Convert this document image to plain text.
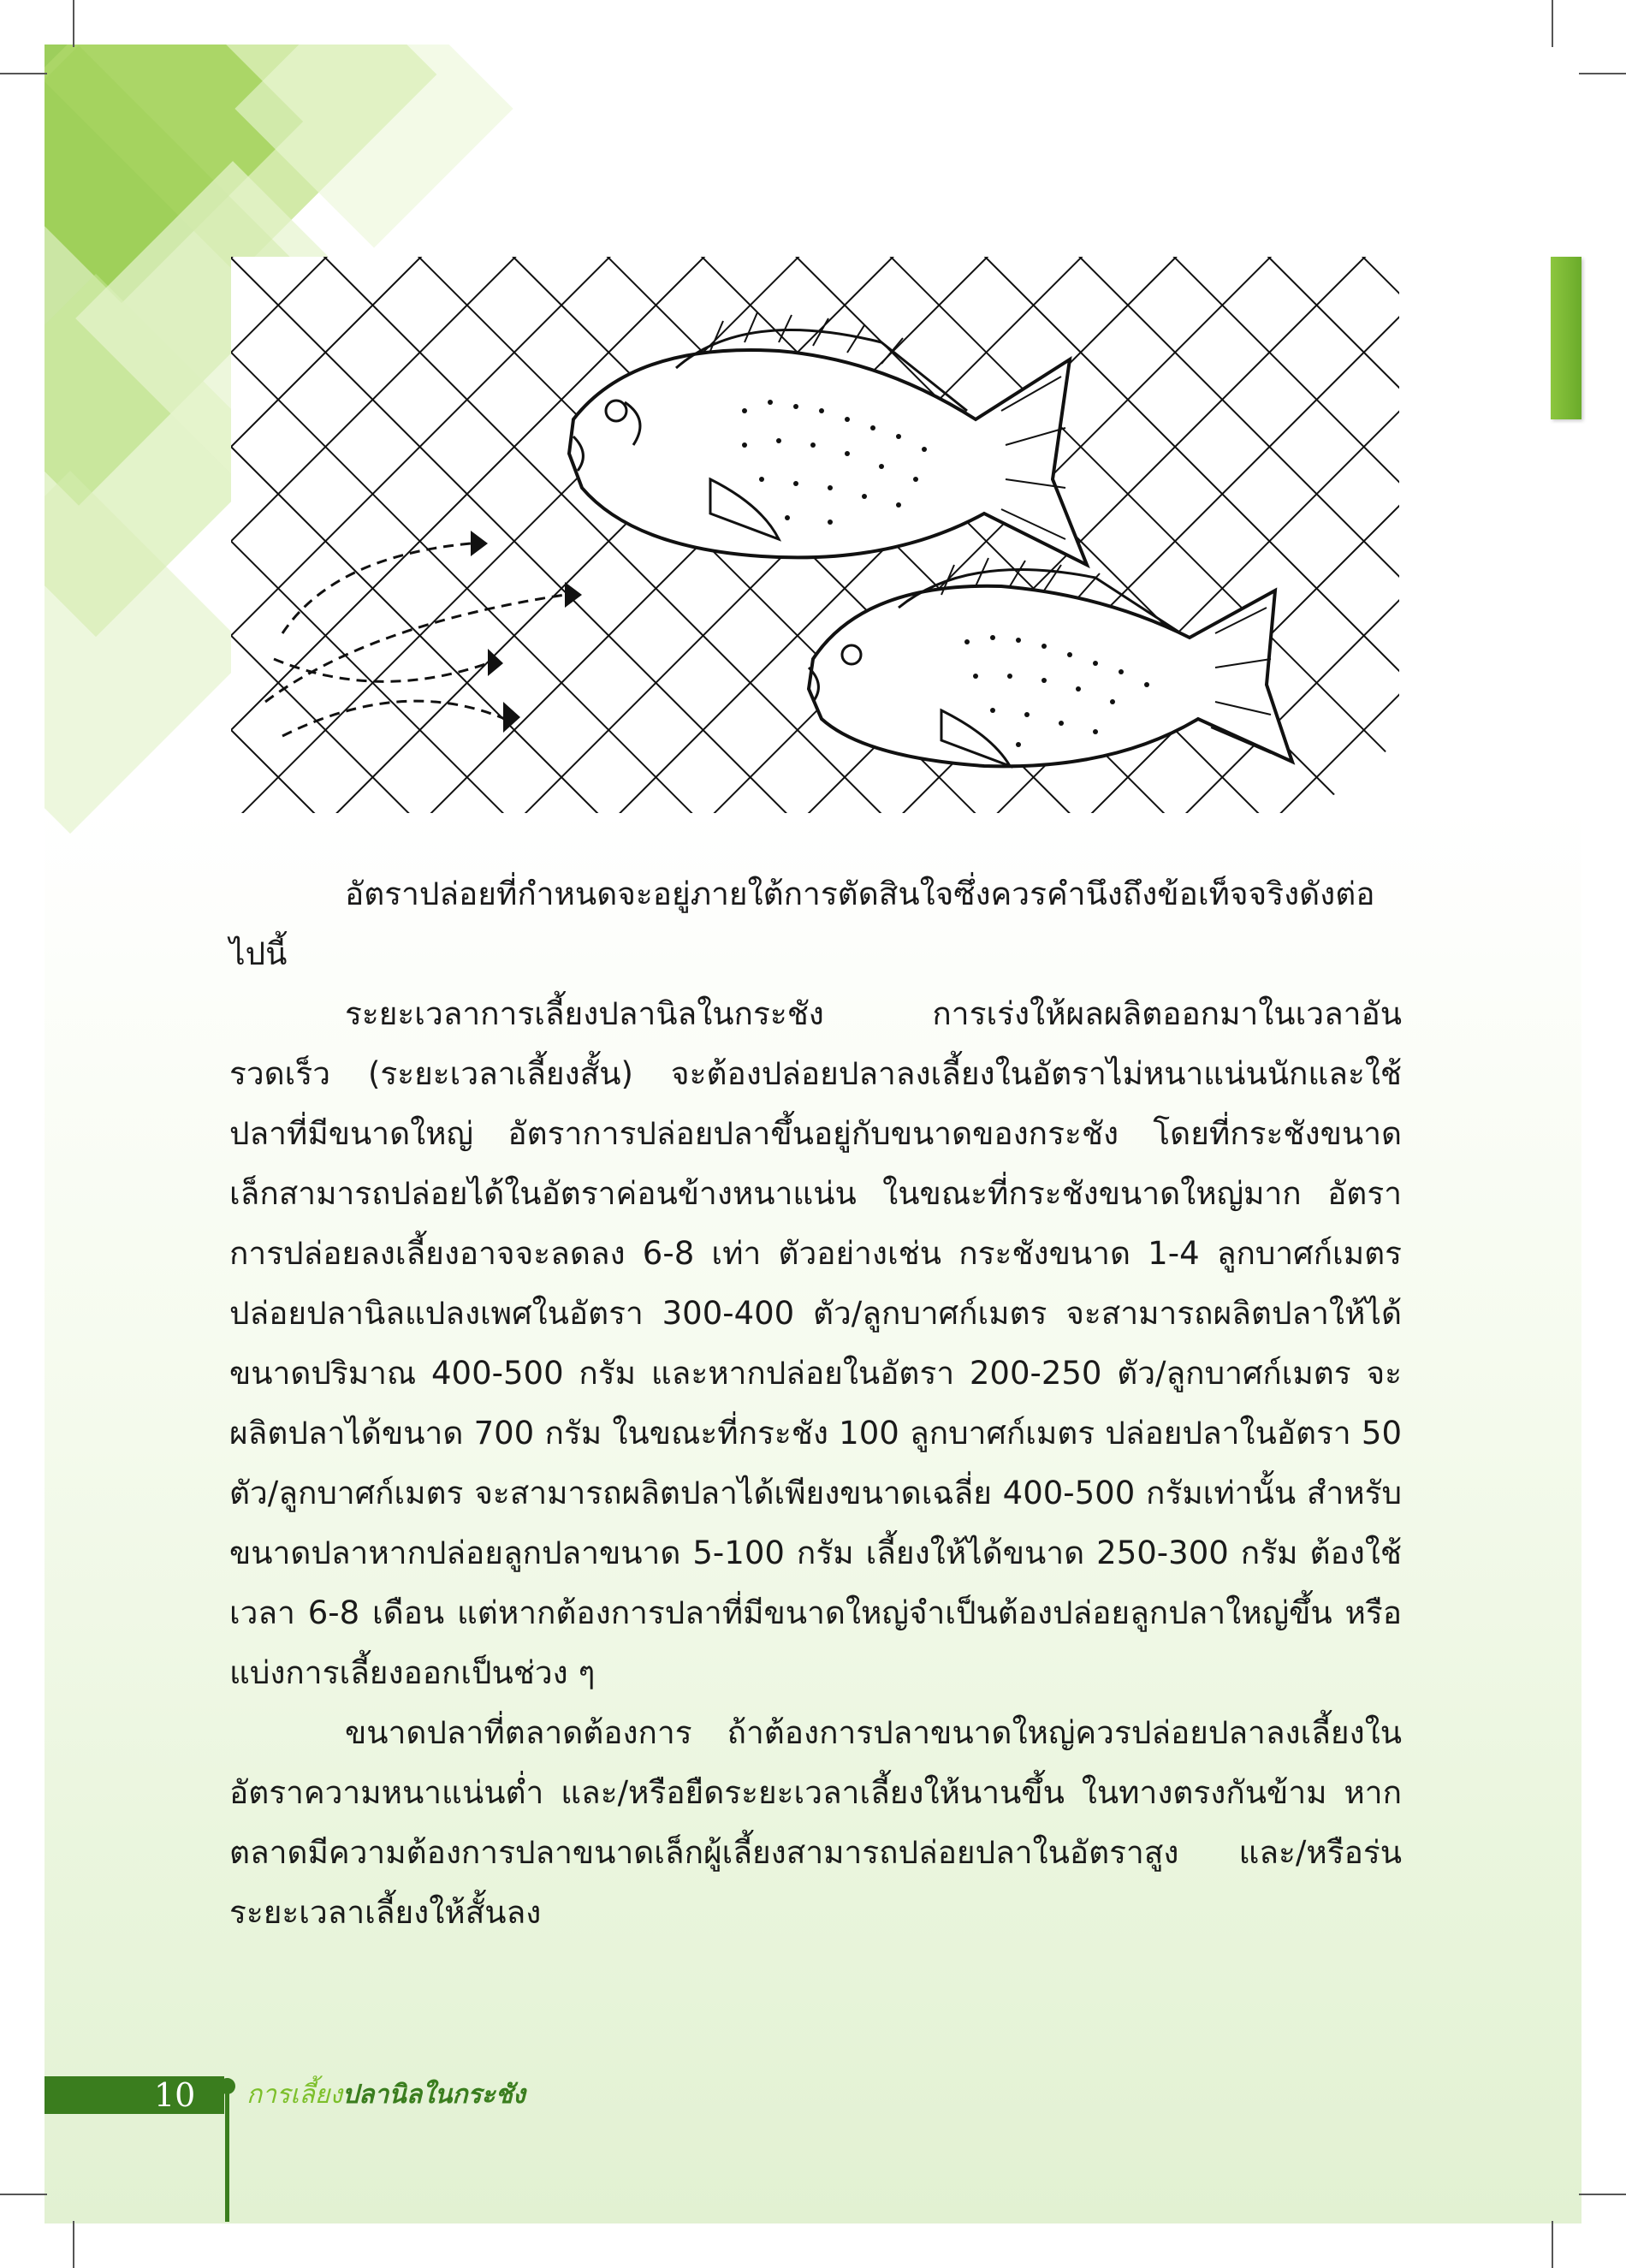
อัตราปล่อยที่กำหนดจะอยู่ภายใต้การตัดสินใจซึ่งควรคำนึงถึงข้อเท็จจริงดังต่อไปนี้

ระยะเวลาการเลี้ยงปลานิลในกระชัง การเร่งให้ผลผลิตออกมาในเวลาอันรวดเร็ว (ระยะเวลาเลี้ยงสั้น) จะต้องปล่อยปลาลงเลี้ยงในอัตราไม่หนาแน่นนักและใช้ปลาที่มีขนาดใหญ่ อัตราการปล่อยปลาขึ้นอยู่กับขนาดของกระชัง โดยที่กระชังขนาดเล็กสามารถปล่อยได้ในอัตราค่อนข้างหนาแน่น ในขณะที่กระชังขนาดใหญ่มาก อัตราการปล่อยลงเลี้ยงอาจจะลดลง 6-8 เท่า ตัวอย่างเช่น กระชังขนาด 1-4 ลูกบาศก์เมตร ปล่อยปลานิลแปลงเพศในอัตรา 300-400 ตัว/ลูกบาศก์เมตร จะสามารถผลิตปลาให้ได้ขนาดปริมาณ 400-500 กรัม และหากปล่อยในอัตรา 200-250 ตัว/ลูกบาศก์เมตร จะผลิตปลาได้ขนาด 700 กรัม ในขณะที่กระชัง 100 ลูกบาศก์เมตร ปล่อยปลาในอัตรา 50 ตัว/ลูกบาศก์เมตร จะสามารถผลิตปลาได้เพียงขนาดเฉลี่ย 400-500 กรัมเท่านั้น สำหรับขนาดปลาหากปล่อยลูกปลาขนาด 5-100 กรัม เลี้ยงให้ได้ขนาด 250-300 กรัม ต้องใช้เวลา 6-8 เดือน แต่หากต้องการปลาที่มีขนาดใหญ่จำเป็นต้องปล่อยลูกปลาใหญ่ขึ้น หรือแบ่งการเลี้ยงออกเป็นช่วง ๆ

ขนาดปลาที่ตลาดต้องการ ถ้าต้องการปลาขนาดใหญ่ควรปล่อยปลาลงเลี้ยงในอัตราความหนาแน่นต่ำ และ/หรือยืดระยะเวลาเลี้ยงให้นานขึ้น ในทางตรงกันข้าม หากตลาดมีความต้องการปลาขนาดเล็กผู้เลี้ยงสามารถปล่อยปลาในอัตราสูง และ/หรือร่นระยะเวลาเลี้ยงให้สั้นลง

10	การเลี้ยงปลานิลในกระชัง
